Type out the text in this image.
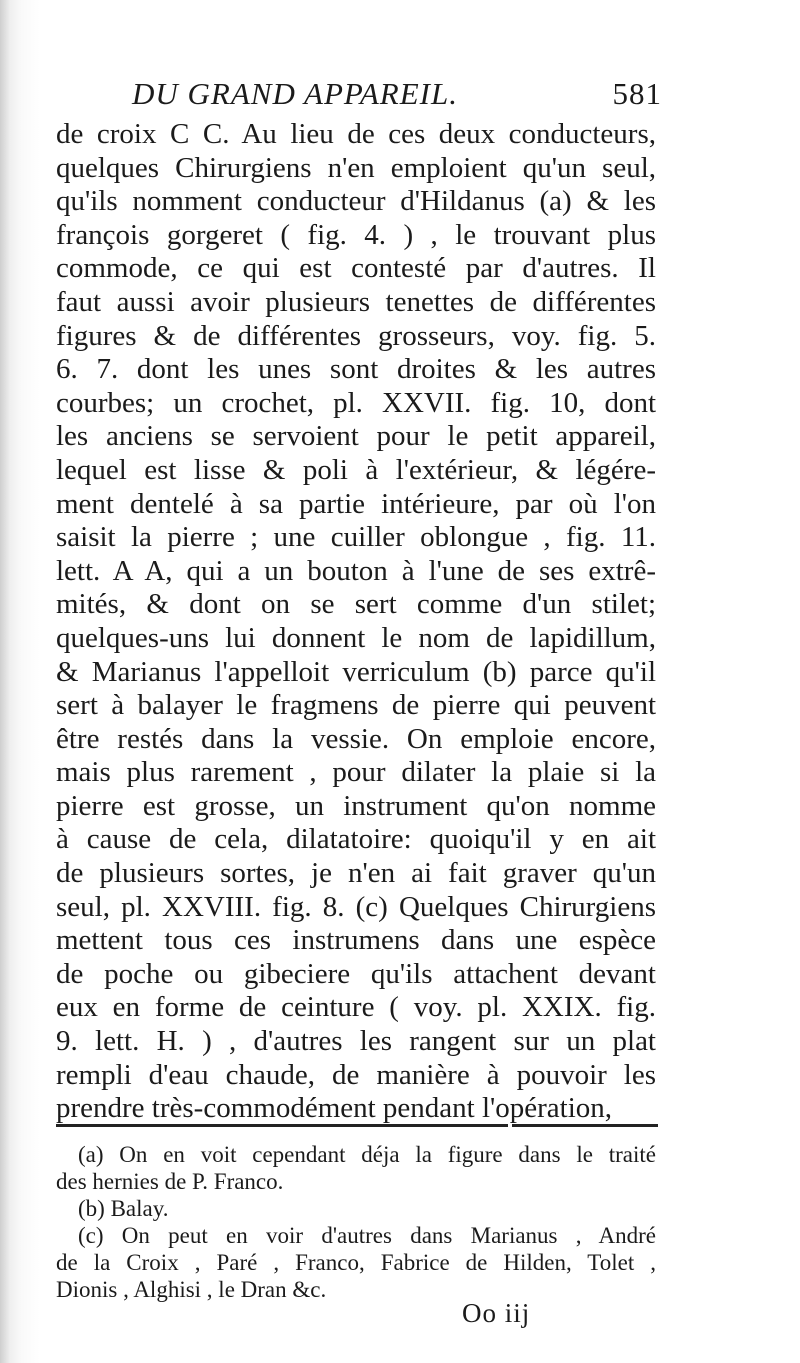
DU GRAND APPAREIL.	581
de croix C C. Au lieu de ces deux conducteurs,
quelques Chirurgiens n'en emploient qu'un seul,
qu'ils nomment conducteur d'Hildanus (a) & les
françois gorgeret ( fig. 4. ) , le trouvant plus
commode, ce qui est contesté par d'autres. Il
faut aussi avoir plusieurs tenettes de différentes
figures & de différentes grosseurs, voy. fig. 5.
6. 7. dont les unes sont droites & les autres
courbes; un crochet, pl. XXVII. fig. 10, dont
les anciens se servoient pour le petit appareil,
lequel est lisse & poli à l'extérieur, & légére-
ment dentelé à sa partie intérieure, par où l'on
saisit la pierre ; une cuiller oblongue , fig. 11.
lett. A A, qui a un bouton à l'une de ses extrê-
mités, & dont on se sert comme d'un stilet;
quelques-uns lui donnent le nom de lapidillum,
& Marianus l'appelloit verriculum (b) parce qu'il
sert à balayer le fragmens de pierre qui peuvent
être restés dans la vessie. On emploie encore,
mais plus rarement , pour dilater la plaie si la
pierre est grosse, un instrument qu'on nomme
à cause de cela, dilatatoire: quoiqu'il y en ait
de plusieurs sortes, je n'en ai fait graver qu'un
seul, pl. XXVIII. fig. 8. (c) Quelques Chirurgiens
mettent tous ces instrumens dans une espèce
de poche ou gibeciere qu'ils attachent devant
eux en forme de ceinture ( voy. pl. XXIX. fig.
9. lett. H. ) , d'autres les rangent sur un plat
rempli d'eau chaude, de manière à pouvoir les
prendre très-commodément pendant l'opération,
(a) On en voit cependant déja la figure dans le traité
des hernies de P. Franco.
(b) Balay.
(c) On peut en voir d'autres dans Marianus , André
de la Croix , Paré , Franco, Fabrice de Hilden, Tolet ,
Dionis , Alghisi , le Dran &c.
Oo iij
